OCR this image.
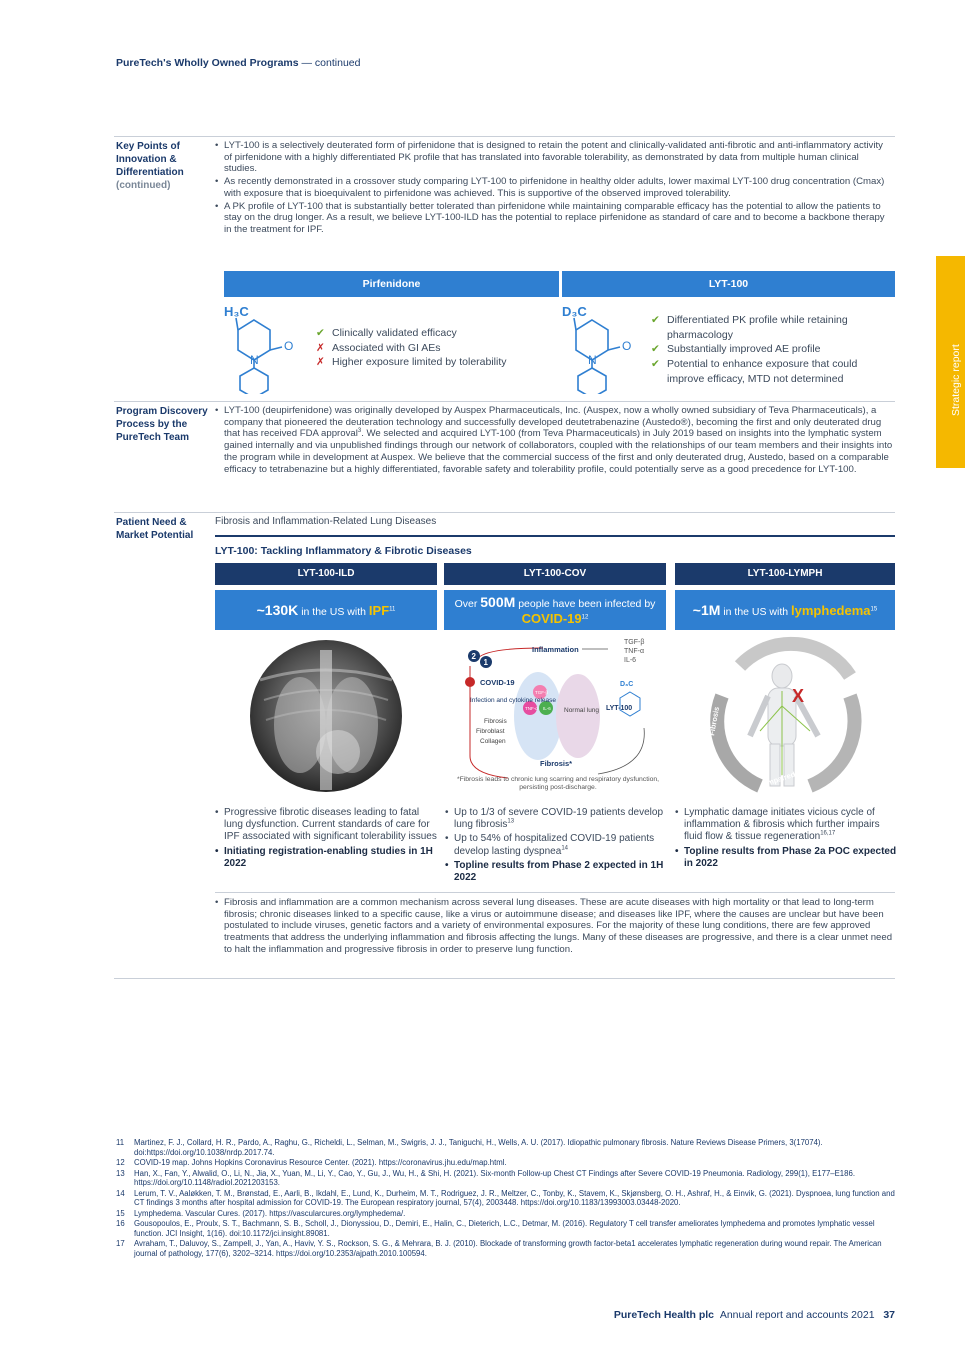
PureTech's Wholly Owned Programs — continued
Strategic report
Key Points of Innovation & Differentiation
(continued)
• LYT-100 is a selectively deuterated form of pirfenidone that is designed to retain the potent and clinically-validated anti-fibrotic and anti-inflammatory activity of pirfenidone with a highly differentiated PK profile that has translated into favorable tolerability, as demonstrated by data from multiple human clinical studies.
• As recently demonstrated in a crossover study comparing LYT-100 to pirfenidone in healthy older adults, lower maximal LYT-100 drug concentration (Cmax) with exposure that is bioequivalent to pirfenidone was achieved. This is supportive of the observed improved tolerability.
• A PK profile of LYT-100 that is substantially better tolerated than pirfenidone while maintaining comparable efficacy has the potential to allow the patients to stay on the drug longer. As a result, we believe LYT-100-ILD has the potential to replace pirfenidone as standard of care and to become a backbone therapy in the treatment for IPF.
Pirfenidone	LYT-100
H₃C
N
O
✔ Clinically validated efficacy
✗ Associated with GI AEs
✗ Higher exposure limited by tolerability
D₃C
N
O
✔ Differentiated PK profile while retaining pharmacology
✔ Substantially improved AE profile
✔ Potential to enhance exposure that could improve efficacy, MTD not determined
Program Discovery Process by the PureTech Team
• LYT-100 (deupirfenidone) was originally developed by Auspex Pharmaceuticals, Inc. (Auspex, now a wholly owned subsidiary of Teva Pharmaceuticals), a company that pioneered the deuteration technology and successfully developed deutetrabenazine (Austedo®), becoming the first and only deuterated drug that has received FDA approval$^3$. We selected and acquired LYT-100 (from Teva Pharmaceuticals) in July 2019 based on insights into the lymphatic system gained internally and via unpublished findings through our network of collaborators, coupled with the relationships of our team members and their insights into the program while in development at Auspex. We believe that the commercial success of the first and only deuterated drug, Austedo, based on a comparable efficacy to tetrabenazine but a highly differentiated, favorable safety and tolerability profile, could potentially serve as a good precedence for LYT-100.
Patient Need & Market Potential
Fibrosis and Inflammation-Related Lung Diseases
LYT-100: Tackling Inflammatory & Fibrotic Diseases
LYT-100-ILD	LYT-100-COV	LYT-100-LYMPH
~130K in the US with IPF$^{11}$	Over 500M people have been infected by COVID-$19^{12}$	~1M in the US with lymphedema$^{15}$
2
1
Inflammation
TGF-β
TNF-α
IL-6
COVID-19
TGF-β
TNF-α IL-6
Infection and cytokine release
Fibrosis
Fibroblast
Collagen
Normal lung
D₃C
LYT-100
Fibrosis*
*Fibrosis leads to chronic lung scarring and respiratory dysfunction, persisting post-discharge.
X
Inflammation
Fibrosis
Impaired flow
• Progressive fibrotic diseases leading to fatal lung dysfunction. Current standards of care for IPF associated with significant tolerability issues
• Initiating registration-enabling studies in 1H 2022
• Up to 1/3 of severe COVID-19 patients develop lung fibrosis$^{13}$
• Up to 54% of hospitalized COVID-19 patients develop lasting dyspnea$^{14}$
• Topline results from Phase 2 expected in 1H 2022
• Lymphatic damage initiates vicious cycle of inflammation & fibrosis which further impairs fluid flow & tissue regeneration$^{16,17}$
• Topline results from Phase 2a POC expected in 2022
• Fibrosis and inflammation are a common mechanism across several lung diseases. These are acute diseases with high mortality or that lead to long-term fibrosis; chronic diseases linked to a specific cause, like a virus or autoimmune disease; and diseases like IPF, where the causes are unclear but have been postulated to include viruses, genetic factors and a variety of environmental exposures. For the majority of these lung conditions, there are few approved treatments that address the underlying inflammation and fibrosis affecting the lungs. Many of these diseases are progressive, and there is a clear unmet need to halt the inflammation and progressive fibrosis in order to preserve lung function.
11 Martinez, F. J., Collard, H. R., Pardo, A., Raghu, G., Richeldi, L., Selman, M., Swigris, J. J., Taniguchi, H., Wells, A. U. (2017). Idiopathic pulmonary fibrosis. Nature Reviews Disease Primers, 3(17074). doi:https://doi.org/10.1038/nrdp.2017.74.
12 COVID-19 map. Johns Hopkins Coronavirus Resource Center. (2021). https://coronavirus.jhu.edu/map.html.
13 Han, X., Fan, Y., Alwalid, O., Li, N., Jia, X., Yuan, M., Li, Y., Cao, Y., Gu, J., Wu, H., & Shi, H. (2021). Six-month Follow-up Chest CT Findings after Severe COVID-19 Pneumonia. Radiology, 299(1), E177–E186. https://doi.org/10.1148/radiol.2021203153.
14 Lerum, T. V., Aaløkken, T. M., Brønstad, E., Aarli, B., Ikdahl, E., Lund, K., Durheim, M. T., Rodriguez, J. R., Meltzer, C., Tonby, K., Stavem, K., Skjønsberg, O. H., Ashraf, H., & Einvik, G. (2021). Dyspnoea, lung function and CT findings 3 months after hospital admission for COVID-19. The European respiratory journal, 57(4), 2003448. https://doi.org/10.1183/13993003.03448-2020.
15 Lymphedema. Vascular Cures. (2017). https://vascularcures.org/lymphedema/.
16 Gousopoulos, E., Proulx, S. T., Bachmann, S. B., Scholl, J., Dionyssiou, D., Demiri, E., Halin, C., Dieterich, L.C., Detmar, M. (2016). Regulatory T cell transfer ameliorates lymphedema and promotes lymphatic vessel function. JCI Insight, 1(16). doi:10.1172/jci.insight.89081.
17 Avraham, T., Daluvoy, S., Zampell, J., Yan, A., Haviv, Y. S., Rockson, S. G., & Mehrara, B. J. (2010). Blockade of transforming growth factor-beta1 accelerates lymphatic regeneration during wound repair. The American journal of pathology, 177(6), 3202–3214. https://doi.org/10.2353/ajpath.2010.100594.
PureTech Health plc Annual report and accounts 2021 37
